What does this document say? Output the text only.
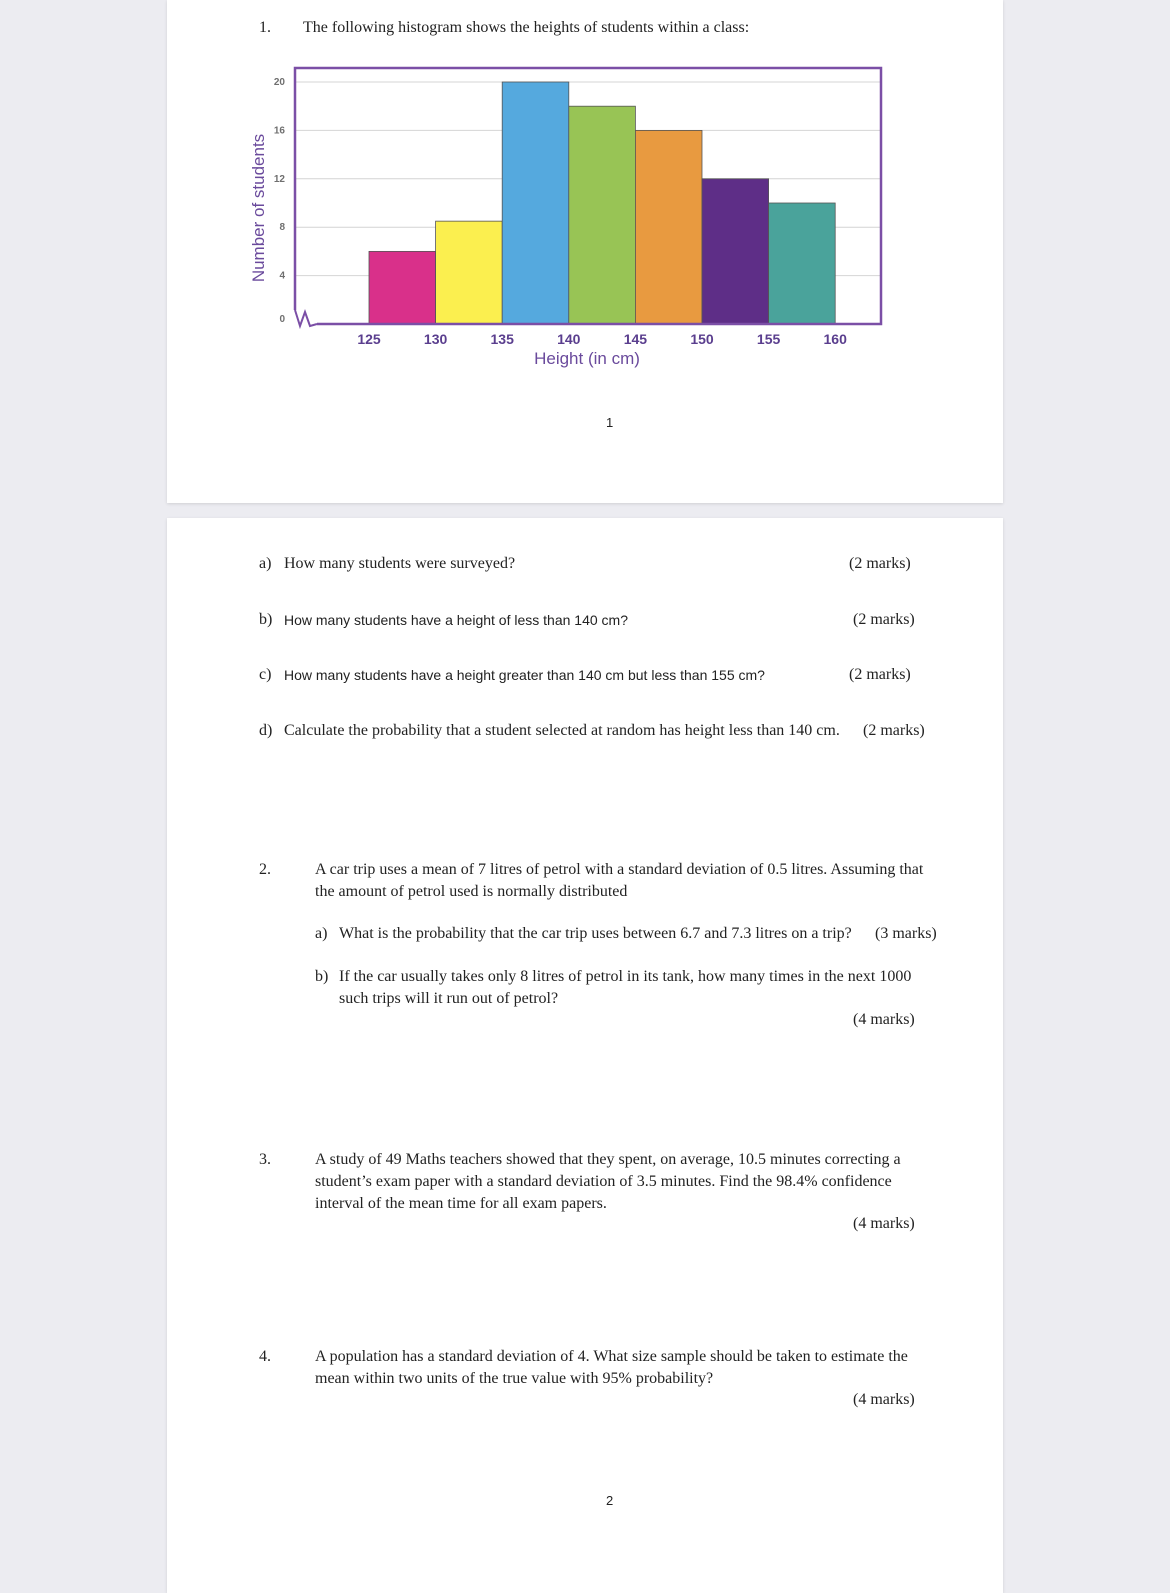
1. The following histogram shows the heights of students within a class:
0
4
8
12
16
20
125	130	135	140	145	150	155	160
Height (in cm)
Number of students
1
a) How many students were surveyed?	(2 marks)
b) How many students have a height of less than 140 cm?	(2 marks)
c) How many students have a height greater than 140 cm but less than 155 cm?	(2 marks)
d) Calculate the probability that a student selected at random has height less than 140 cm. (2 marks)
2.	A car trip uses a mean of 7 litres of petrol with a standard deviation of 0.5 litres. Assuming that the amount of petrol used is normally distributed
a) What is the probability that the car trip uses between 6.7 and 7.3 litres on a trip? (3 marks)
b) If the car usually takes only 8 litres of petrol in its tank, how many times in the next 1000 such trips will it run out of petrol?
(4 marks)
3.	A study of 49 Maths teachers showed that they spent, on average, 10.5 minutes correcting a student’s exam paper with a standard deviation of 3.5 minutes. Find the 98.4% confidence interval of the mean time for all exam papers.
(4 marks)
4.	A population has a standard deviation of 4. What size sample should be taken to estimate the mean within two units of the true value with 95% probability?
(4 marks)
2
